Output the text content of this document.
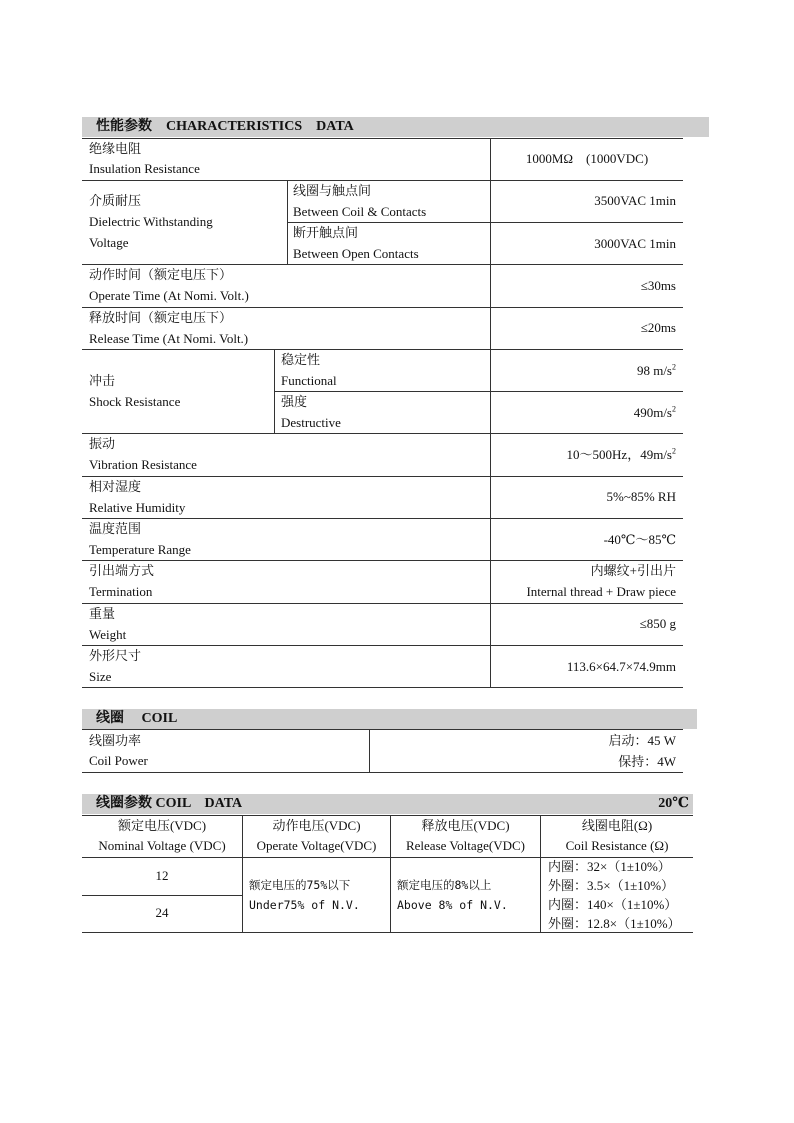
性能参数　CHARACTERISTICS　DATA
绝缘电阻
Insulation Resistance
1000MΩ　(1000VDC)
介质耐压
Dielectric Withstanding
Voltage
线圈与触点间
Between Coil & Contacts
3500VAC 1min
断开触点间
Between Open Contacts
3000VAC 1min
动作时间（额定电压下）
Operate Time (At Nomi. Volt.)
≤30ms
释放时间（额定电压下）
Release Time (At Nomi. Volt.)
≤20ms
冲击
Shock Resistance
稳定性
Functional
98 $m/s^2$
强度
Destructive
$490m/s^2$
振动
Vibration Resistance
10～500Hz，$49m/s^2$
相对湿度
Relative Humidity
5%~85% RH
温度范围
Temperature Range
-40℃～85℃
引出端方式
Termination
内螺纹+引出片
Internal thread + Draw piece
重量
Weight
≤850 g
外形尺寸
Size
113.6×64.7×74.9mm
线圈　 COIL
线圈功率
Coil Power
启动：45 W
保持：4W
线圈参数 COIL　DATA	20℃
额定电压(VDC)
Nominal Voltage (VDC)
动作电压(VDC)
Operate Voltage(VDC)
释放电压(VDC)
Release Voltage(VDC)
线圈电阻(Ω)
Coil Resistance (Ω)
12
24
额定电压的75%以下
Under75% of N.V.
额定电压的8%以上
Above 8% of N.V.
内圈：32×（1±10%）
外圈：3.5×（1±10%）
内圈：140×（1±10%）
外圈：12.8×（1±10%）
